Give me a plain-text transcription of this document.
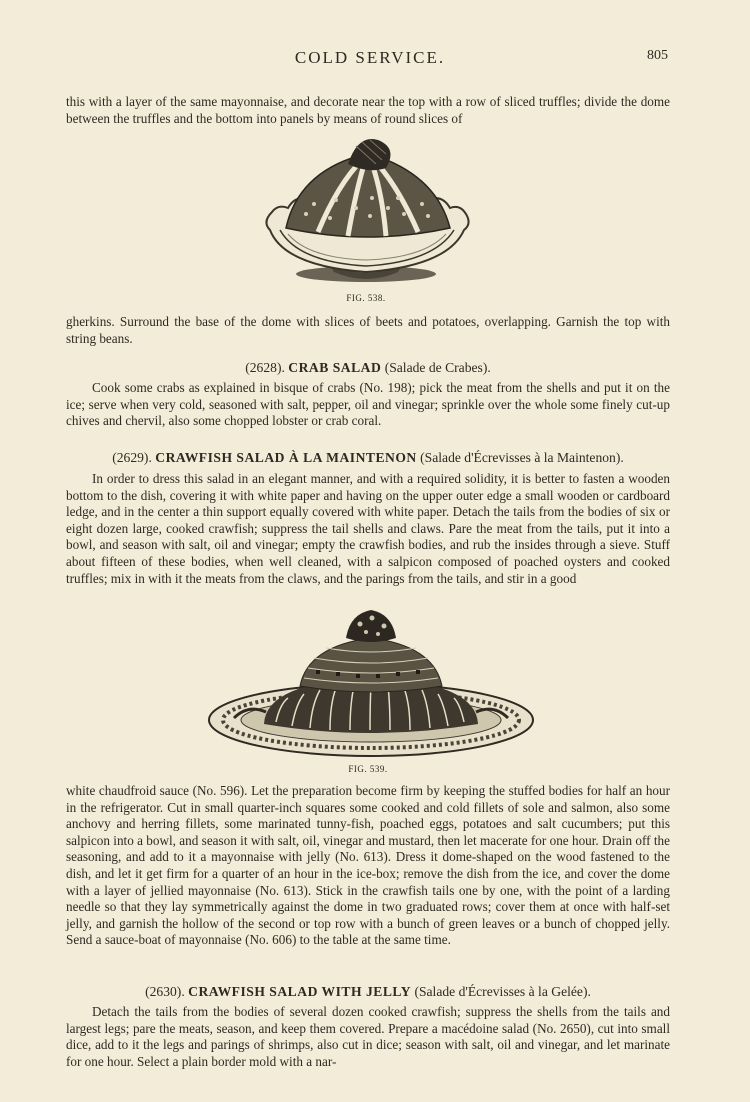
COLD SERVICE.	805

this with a layer of the same mayonnaise, and decorate near the top with a row of sliced truffles; divide the dome between the truffles and the bottom into panels by means of round slices of

FIG. 538.

gherkins. Surround the base of the dome with slices of beets and potatoes, overlapping. Garnish the top with string beans.

(2628). CRAB SALAD (Salade de Crabes).

Cook some crabs as explained in bisque of crabs (No. 198); pick the meat from the shells and put it on the ice; serve when very cold, seasoned with salt, pepper, oil and vinegar; sprinkle over the whole some finely cut-up chives and chervil, also some chopped lobster or crab coral.

(2629). CRAWFISH SALAD À LA MAINTENON (Salade d'Écrevisses à la Maintenon).

In order to dress this salad in an elegant manner, and with a required solidity, it is better to fasten a wooden bottom to the dish, covering it with white paper and having on the upper outer edge a small wooden or cardboard ledge, and in the center a thin support equally covered with white paper. Detach the tails from the bodies of six or eight dozen large, cooked crawfish; suppress the tail shells and claws. Pare the meat from the tails, put it into a bowl, and season with salt, oil and vinegar; empty the crawfish bodies, and rub the insides through a sieve. Stuff about fifteen of these bodies, when well cleaned, with a salpicon composed of poached oysters and cooked truffles; mix in with it the meats from the claws, and the parings from the tails, and stir in a good

FIG. 539.

white chaudfroid sauce (No. 596). Let the preparation become firm by keeping the stuffed bodies for half an hour in the refrigerator. Cut in small quarter-inch squares some cooked and cold fillets of sole and salmon, also some anchovy and herring fillets, some marinated tunny-fish, poached eggs, potatoes and salt cucumbers; put this salpicon into a bowl, and season it with salt, oil, vinegar and mustard, then let macerate for one hour. Drain off the seasoning, and add to it a mayonnaise with jelly (No. 613). Dress it dome-shaped on the wood fastened to the dish, and let it get firm for a quarter of an hour in the ice-box; remove the dish from the ice, and cover the dome with a layer of jellied mayonnaise (No. 613). Stick in the crawfish tails one by one, with the point of a larding needle so that they lay symmetrically against the dome in two graduated rows; cover them at once with half-set jelly, and garnish the hollow of the second or top row with a bunch of green leaves or a bunch of chopped jelly. Send a sauce-boat of mayonnaise (No. 606) to the table at the same time.

(2630). CRAWFISH SALAD WITH JELLY (Salade d'Écrevisses à la Gelée).

Detach the tails from the bodies of several dozen cooked crawfish; suppress the shells from the tails and largest legs; pare the meats, season, and keep them covered. Prepare a macédoine salad (No. 2650), cut into small dice, add to it the legs and parings of shrimps, also cut in dice; season with salt, oil and vinegar, and let marinate for one hour. Select a plain border mold with a nar-
